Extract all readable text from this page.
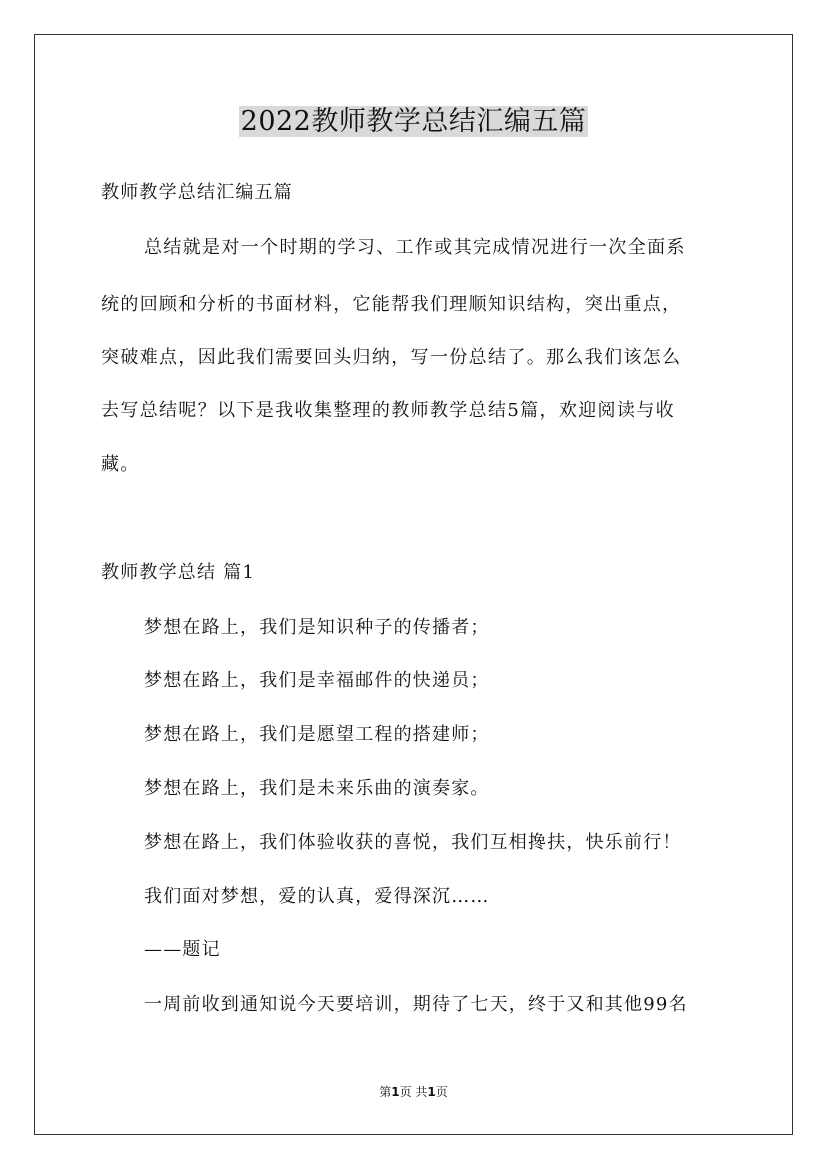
2022教师教学总结汇编五篇
教师教学总结汇编五篇
总结就是对一个时期的学习、工作或其完成情况进行一次全面系
统的回顾和分析的书面材料，它能帮我们理顺知识结构，突出重点，
突破难点，因此我们需要回头归纳，写一份总结了。那么我们该怎么
去写总结呢？以下是我收集整理的教师教学总结5篇，欢迎阅读与收
藏。
教师教学总结 篇1
梦想在路上，我们是知识种子的传播者；
梦想在路上，我们是幸福邮件的快递员；
梦想在路上，我们是愿望工程的搭建师；
梦想在路上，我们是未来乐曲的演奏家。
梦想在路上，我们体验收获的喜悦，我们互相搀扶，快乐前行！
我们面对梦想，爱的认真，爱得深沉……
——题记
一周前收到通知说今天要培训，期待了七天，终于又和其他99名
第1页 共1页
